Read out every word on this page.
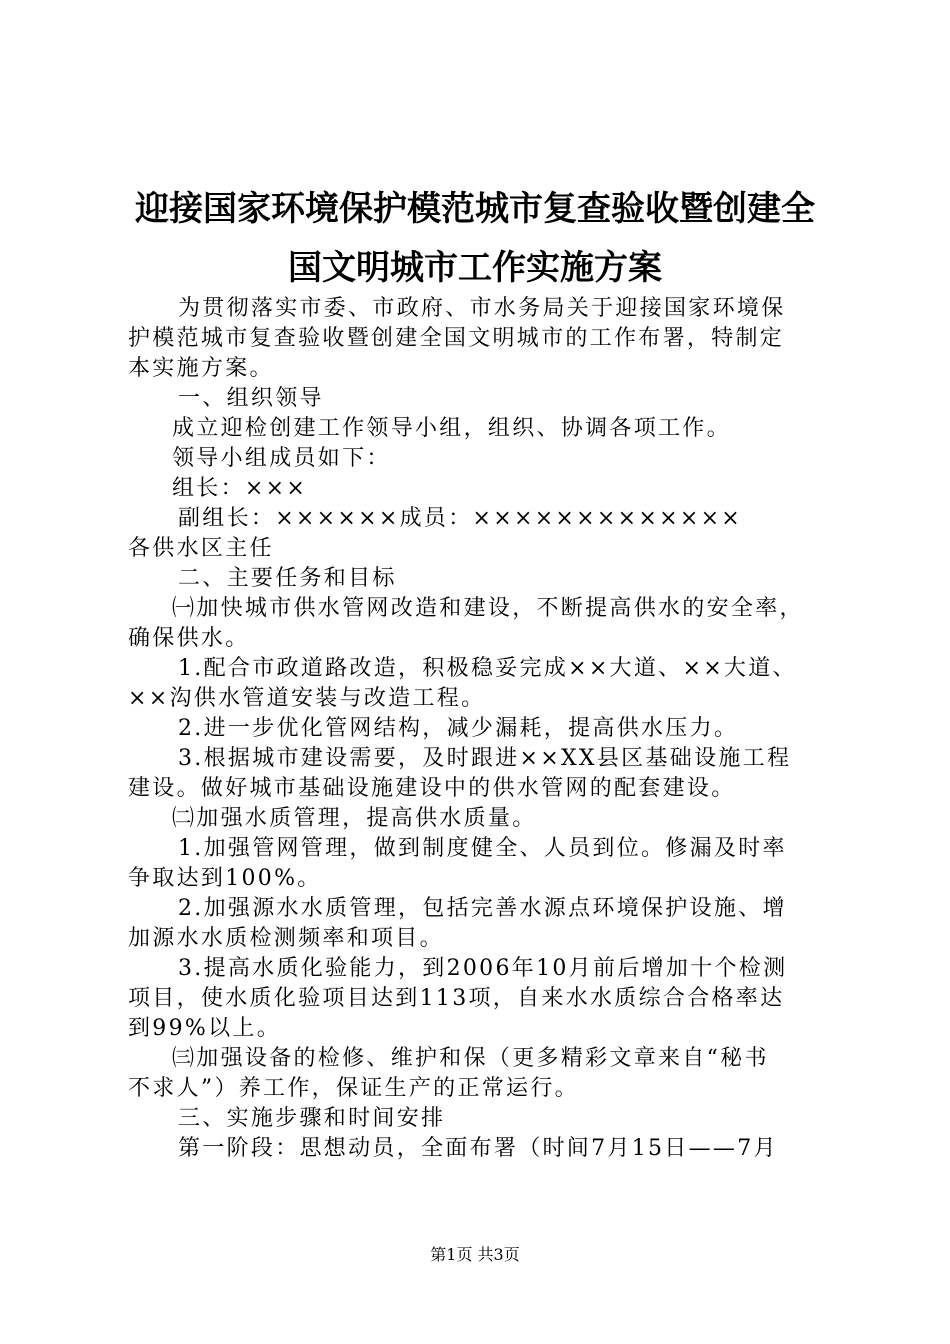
迎接国家环境保护模范城市复查验收暨创建全
国文明城市工作实施方案
为贯彻落实市委、市政府、市水务局关于迎接国家环境保
护模范城市复查验收暨创建全国文明城市的工作布署，特制定
本实施方案。
一、组织领导
成立迎检创建工作领导小组，组织、协调各项工作。
领导小组成员如下：
组长：×××
副组长：××××××成员：×××××××××××××
各供水区主任
二、主要任务和目标
㈠加快城市供水管网改造和建设，不断提高供水的安全率，
确保供水。
1.配合市政道路改造，积极稳妥完成××大道、××大道、
××沟供水管道安装与改造工程。
2.进一步优化管网结构，减少漏耗，提高供水压力。
3.根据城市建设需要，及时跟进××XX县区基础设施工程
建设。做好城市基础设施建设中的供水管网的配套建设。
㈡加强水质管理，提高供水质量。
1.加强管网管理，做到制度健全、人员到位。修漏及时率
争取达到100%。
2.加强源水水质管理，包括完善水源点环境保护设施、增
加源水水质检测频率和项目。
3.提高水质化验能力，到2006年10月前后增加十个检测
项目，使水质化验项目达到113项，自来水水质综合合格率达
到99%以上。
㈢加强设备的检修、维护和保（更多精彩文章来自“秘书
不求人”）养工作，保证生产的正常运行。
三、实施步骤和时间安排
第一阶段：思想动员，全面布署（时间7月15日——7月
第1页 共3页
